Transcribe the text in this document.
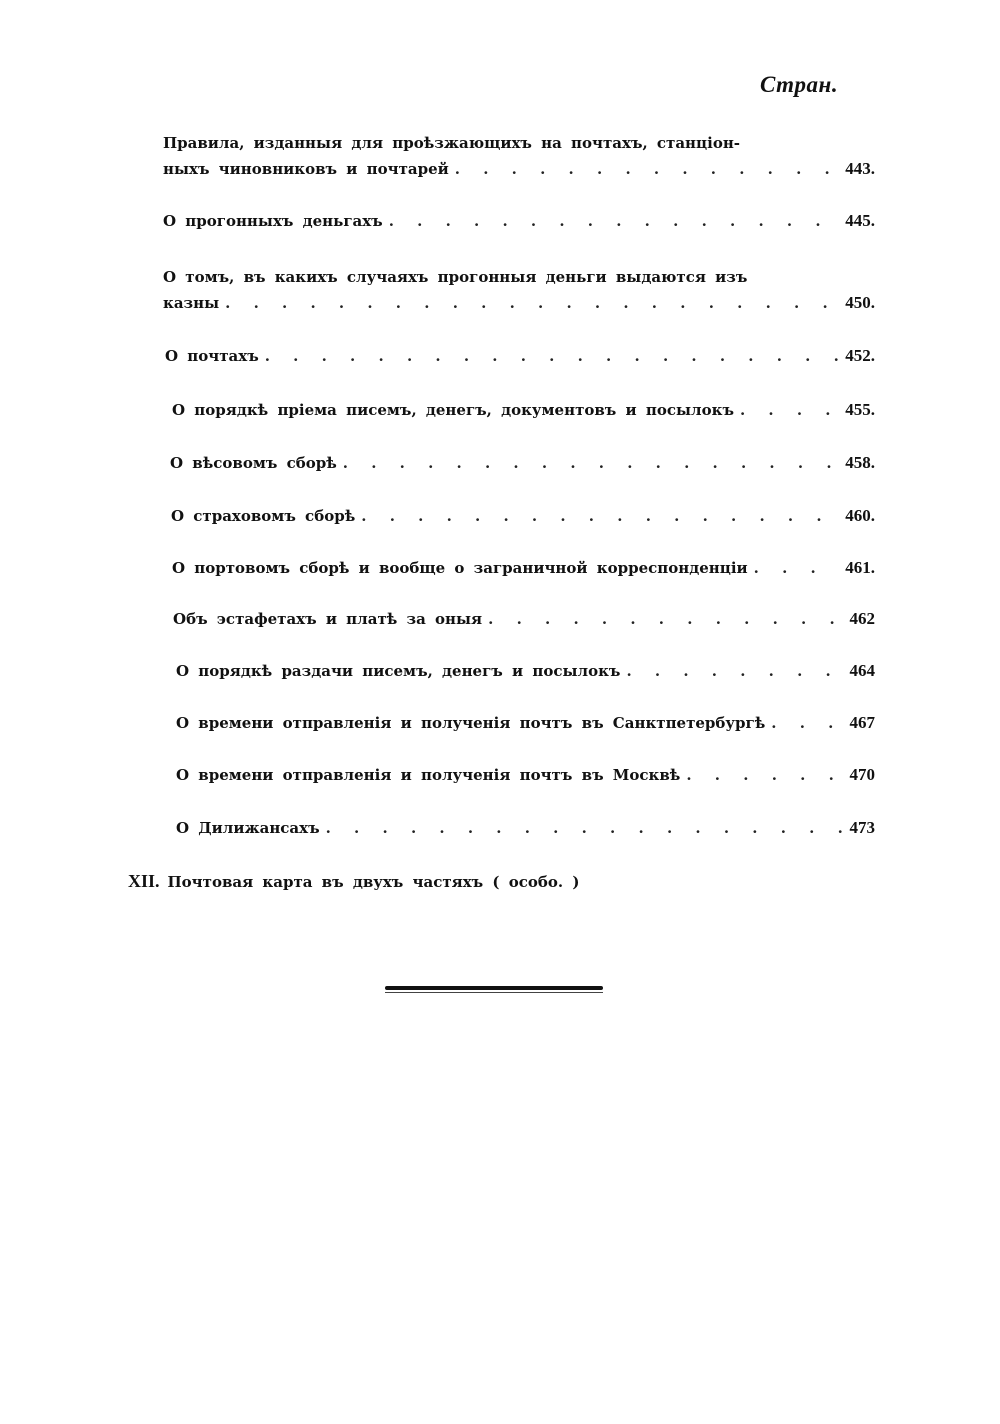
Стран.
Правила, изданныя для проѣзжающихъ на почтахъ, станціон-
ныхъ чиновниковъ и почтарей . . .	443.
О прогонныхъ деньгахъ . . .	445.
О томъ, въ какихъ случаяхъ прогонныя деньги выдаются изъ
казны . . .	450.
О почтахъ . . .	452.
О порядкѣ пріема писемъ, денегъ, документовъ и посылокъ . . .	455.
О вѣсовомъ сборѣ . . .	458.
О страховомъ сборѣ . . .	460.
О портовомъ сборѣ и вообще о заграничной корреспонденціи . . .	461.
Объ эстафетахъ и платѣ за оныя . . .	462
О порядкѣ раздачи писемъ, денегъ и посылокъ . . .	464
О времени отправленія и полученія почтъ въ Санктпетербургѣ . . .	467
О времени отправленія и полученія почтъ въ Москвѣ . . .	470
О Дилижансахъ . . .	473
XII. Почтовая карта въ двухъ частяхъ ( особо. )
